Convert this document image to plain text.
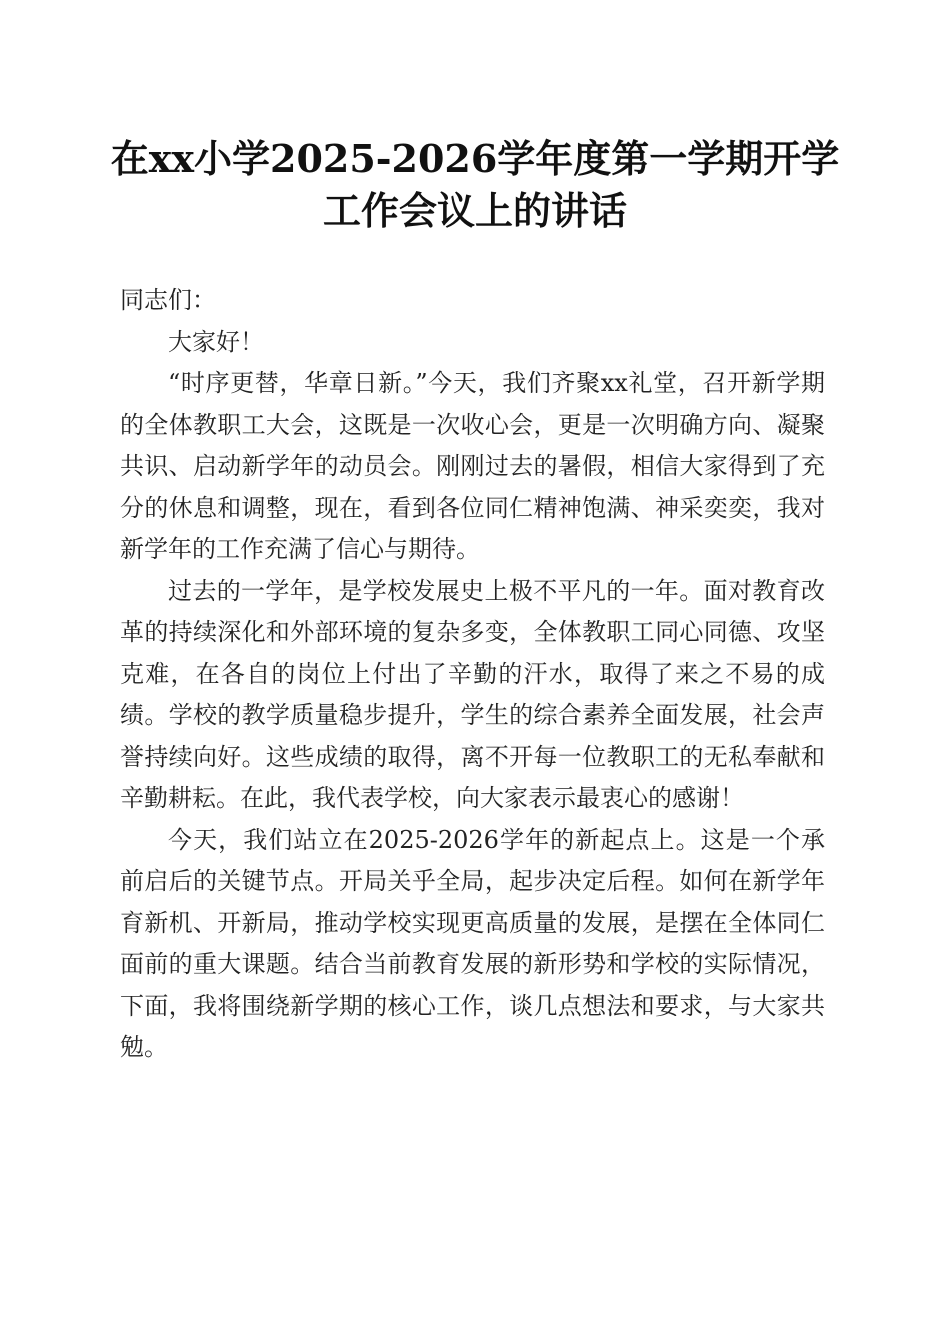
在xx小学2025-2026学年度第一学期开学工作会议上的讲话

同志们：

大家好！

“时序更替，华章日新。”今天，我们齐聚xx礼堂，召开新学期的全体教职工大会，这既是一次收心会，更是一次明确方向、凝聚共识、启动新学年的动员会。刚刚过去的暑假，相信大家得到了充分的休息和调整，现在，看到各位同仁精神饱满、神采奕奕，我对新学年的工作充满了信心与期待。

过去的一学年，是学校发展史上极不平凡的一年。面对教育改革的持续深化和外部环境的复杂多变，全体教职工同心同德、攻坚克难，在各自的岗位上付出了辛勤的汗水，取得了来之不易的成绩。学校的教学质量稳步提升，学生的综合素养全面发展，社会声誉持续向好。这些成绩的取得，离不开每一位教职工的无私奉献和辛勤耕耘。在此，我代表学校，向大家表示最衷心的感谢！

今天，我们站立在2025-2026学年的新起点上。这是一个承前启后的关键节点。开局关乎全局，起步决定后程。如何在新学年育新机、开新局，推动学校实现更高质量的发展，是摆在全体同仁面前的重大课题。结合当前教育发展的新形势和学校的实际情况，下面，我将围绕新学期的核心工作，谈几点想法和要求，与大家共勉。
